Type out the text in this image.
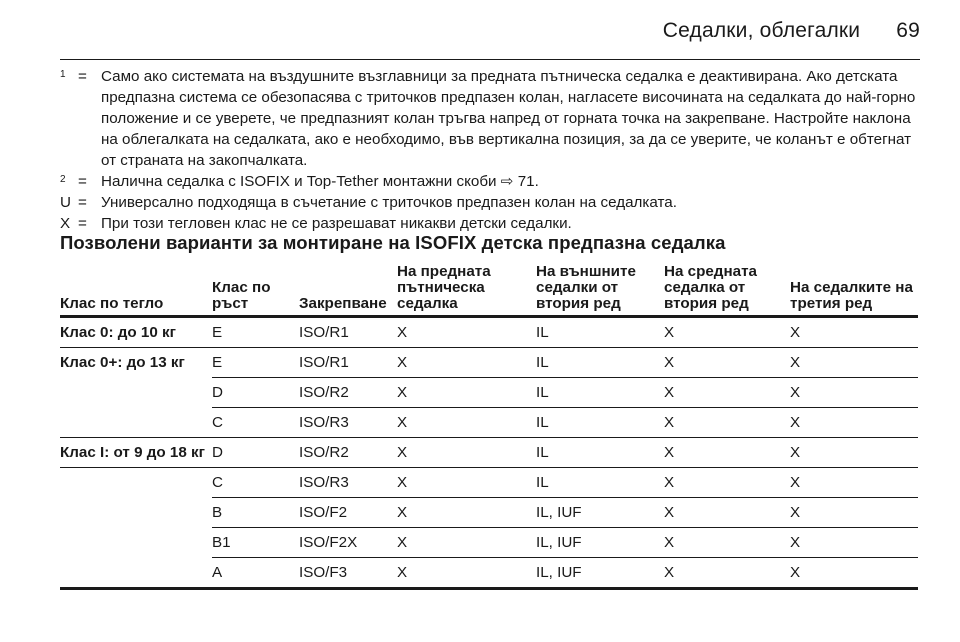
Седалки, облегалки 69
$^1$ = Само ако системата на въздушните възглавници за предната пътническа седалка е деактивирана. Ако детската предпазна система се обезопасява с триточков предпазен колан, нагласете височината на седалката до най-горно положение и се уверете, че предпазният колан тръгва напред от горната точка на закрепване. Настройте наклона на облегалката на седалката, ако е необходимо, във вертикална позиция, за да се уверите, че коланът е обтегнат от страната на закопчалката.
$^2$ = Налична седалка с ISOFIX и Top-Tether монтажни скоби ⇨ 71.
U = Универсално подходяща в съчетание с триточков предпазен колан на седалката.
X = При този тегловен клас не се разрешават никакви детски седалки.
Позволени варианти за монтиране на ISOFIX детска предпазна седалка
Клас по тегло	Клас по ръст	Закрепване	На предната пътническа седалка	На външните седалки от втория ред	На средната седалка от втория ред	На седалките на третия ред
Клас 0: до 10 кг	E	ISO/R1	X	IL	X	X
Клас 0+: до 13 кг	E	ISO/R1	X	IL	X	X
	D	ISO/R2	X	IL	X	X
	C	ISO/R3	X	IL	X	X
Клас I: от 9 до 18 кг	D	ISO/R2	X	IL	X	X
	C	ISO/R3	X	IL	X	X
	B	ISO/F2	X	IL, IUF	X	X
	B1	ISO/F2X	X	IL, IUF	X	X
	A	ISO/F3	X	IL, IUF	X	X
